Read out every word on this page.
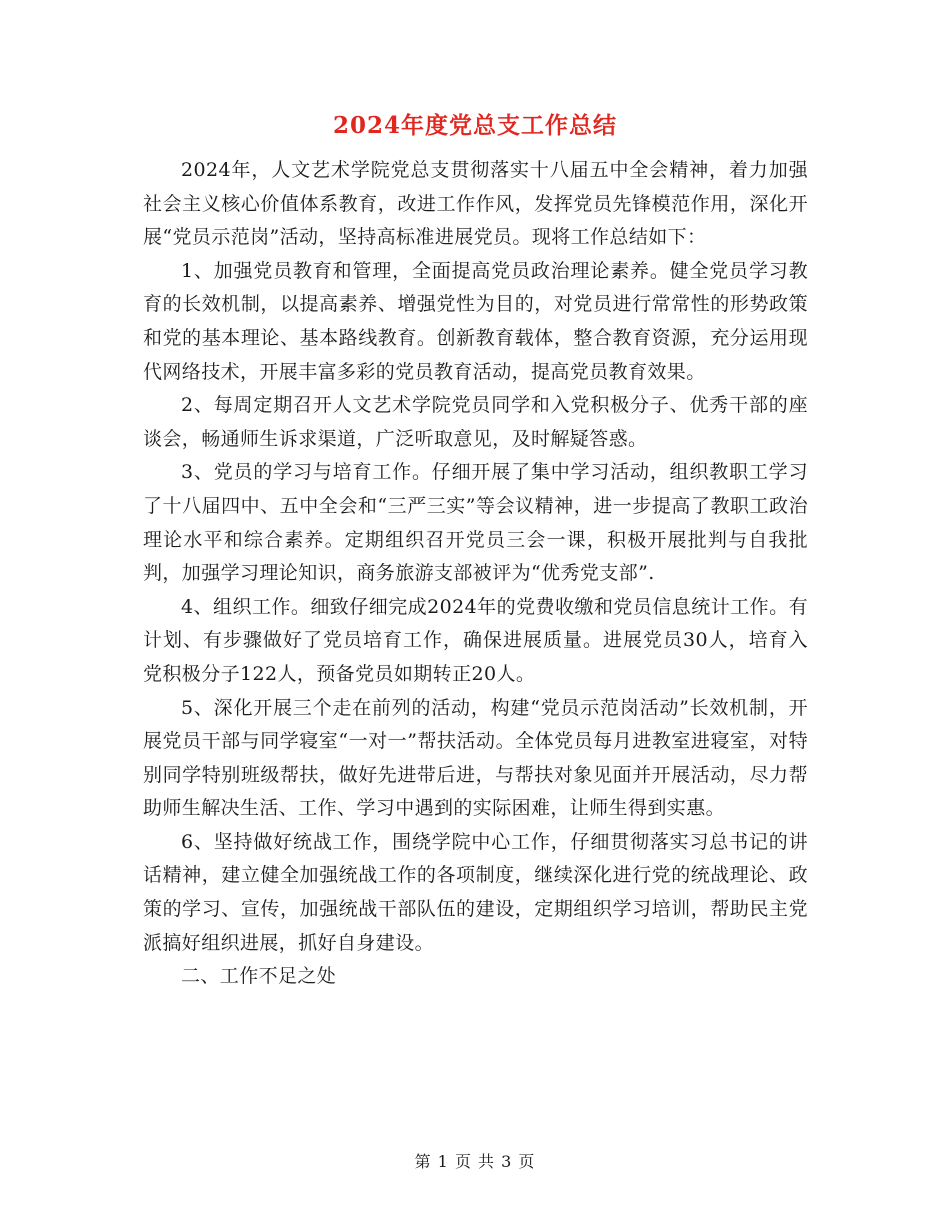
2024年度党总支工作总结

2024年，人文艺术学院党总支贯彻落实十八届五中全会精神，着力加强社会主义核心价值体系教育，改进工作作风，发挥党员先锋模范作用，深化开展“党员示范岗”活动，坚持高标准进展党员。现将工作总结如下：

1、加强党员教育和管理，全面提高党员政治理论素养。健全党员学习教育的长效机制，以提高素养、增强党性为目的，对党员进行常常性的形势政策和党的基本理论、基本路线教育。创新教育载体，整合教育资源，充分运用现代网络技术，开展丰富多彩的党员教育活动，提高党员教育效果。

2、每周定期召开人文艺术学院党员同学和入党积极分子、优秀干部的座谈会，畅通师生诉求渠道，广泛听取意见，及时解疑答惑。

3、党员的学习与培育工作。仔细开展了集中学习活动，组织教职工学习了十八届四中、五中全会和“三严三实”等会议精神，进一步提高了教职工政治理论水平和综合素养。定期组织召开党员三会一课，积极开展批判与自我批判，加强学习理论知识，商务旅游支部被评为“优秀党支部”.

4、组织工作。细致仔细完成2024年的党费收缴和党员信息统计工作。有计划、有步骤做好了党员培育工作，确保进展质量。进展党员30人，培育入党积极分子122人，预备党员如期转正20人。

5、深化开展三个走在前列的活动，构建“党员示范岗活动”长效机制，开展党员干部与同学寝室“一对一”帮扶活动。全体党员每月进教室进寝室，对特别同学特别班级帮扶，做好先进带后进，与帮扶对象见面并开展活动，尽力帮助师生解决生活、工作、学习中遇到的实际困难，让师生得到实惠。

6、坚持做好统战工作，围绕学院中心工作，仔细贯彻落实习总书记的讲话精神，建立健全加强统战工作的各项制度，继续深化进行党的统战理论、政策的学习、宣传，加强统战干部队伍的建设，定期组织学习培训，帮助民主党派搞好组织进展，抓好自身建设。

二、工作不足之处

第 1 页 共 3 页
